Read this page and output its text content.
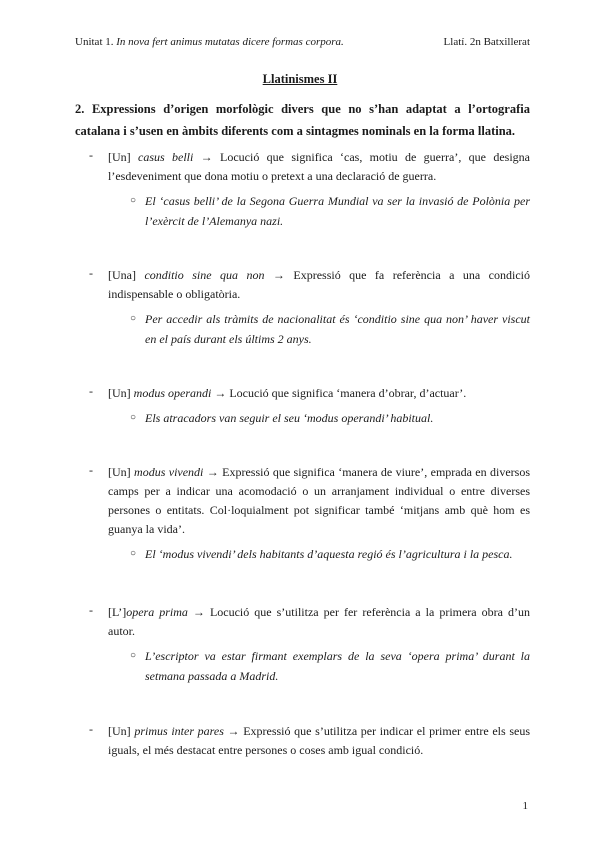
Unitat 1. In nova fert animus mutatas dicere formas corpora.	Llatí. 2n Batxillerat
Llatinismes II
2. Expressions d’origen morfològic divers que no s’han adaptat a l’ortografia catalana i s’usen en àmbits diferents com a sintagmes nominals en la forma llatina.
- [Un] casus belli → Locució que significa ‘cas, motiu de guerra’, que designa l’esdeveniment que dona motiu o pretext a una declaració de guerra.
○ El ‘casus belli’ de la Segona Guerra Mundial va ser la invasió de Polònia per l’exèrcit de l’Alemanya nazi.
- [Una] conditio sine qua non → Expressió que fa referència a una condició indispensable o obligatòria.
○ Per accedir als tràmits de nacionalitat és ‘conditio sine qua non’ haver viscut en el país durant els últims 2 anys.
- [Un] modus operandi → Locució que significa ‘manera d’obrar, d’actuar’.
○ Els atracadors van seguir el seu ‘modus operandi’ habitual.
- [Un] modus vivendi → Expressió que significa ‘manera de viure’, emprada en diversos camps per a indicar una acomodació o un arranjament individual o entre diverses persones o entitats. Col·loquialment pot significar també ‘mitjans amb què hom es guanya la vida’.
○ El ‘modus vivendi’ dels habitants d’aquesta regió és l’agricultura i la pesca.
- [L’]opera prima → Locució que s’utilitza per fer referència a la primera obra d’un autor.
○ L’escriptor va estar firmant exemplars de la seva ‘opera prima’ durant la setmana passada a Madrid.
- [Un] primus inter pares → Expressió que s’utilitza per indicar el primer entre els seus iguals, el més destacat entre persones o coses amb igual condició.
1
